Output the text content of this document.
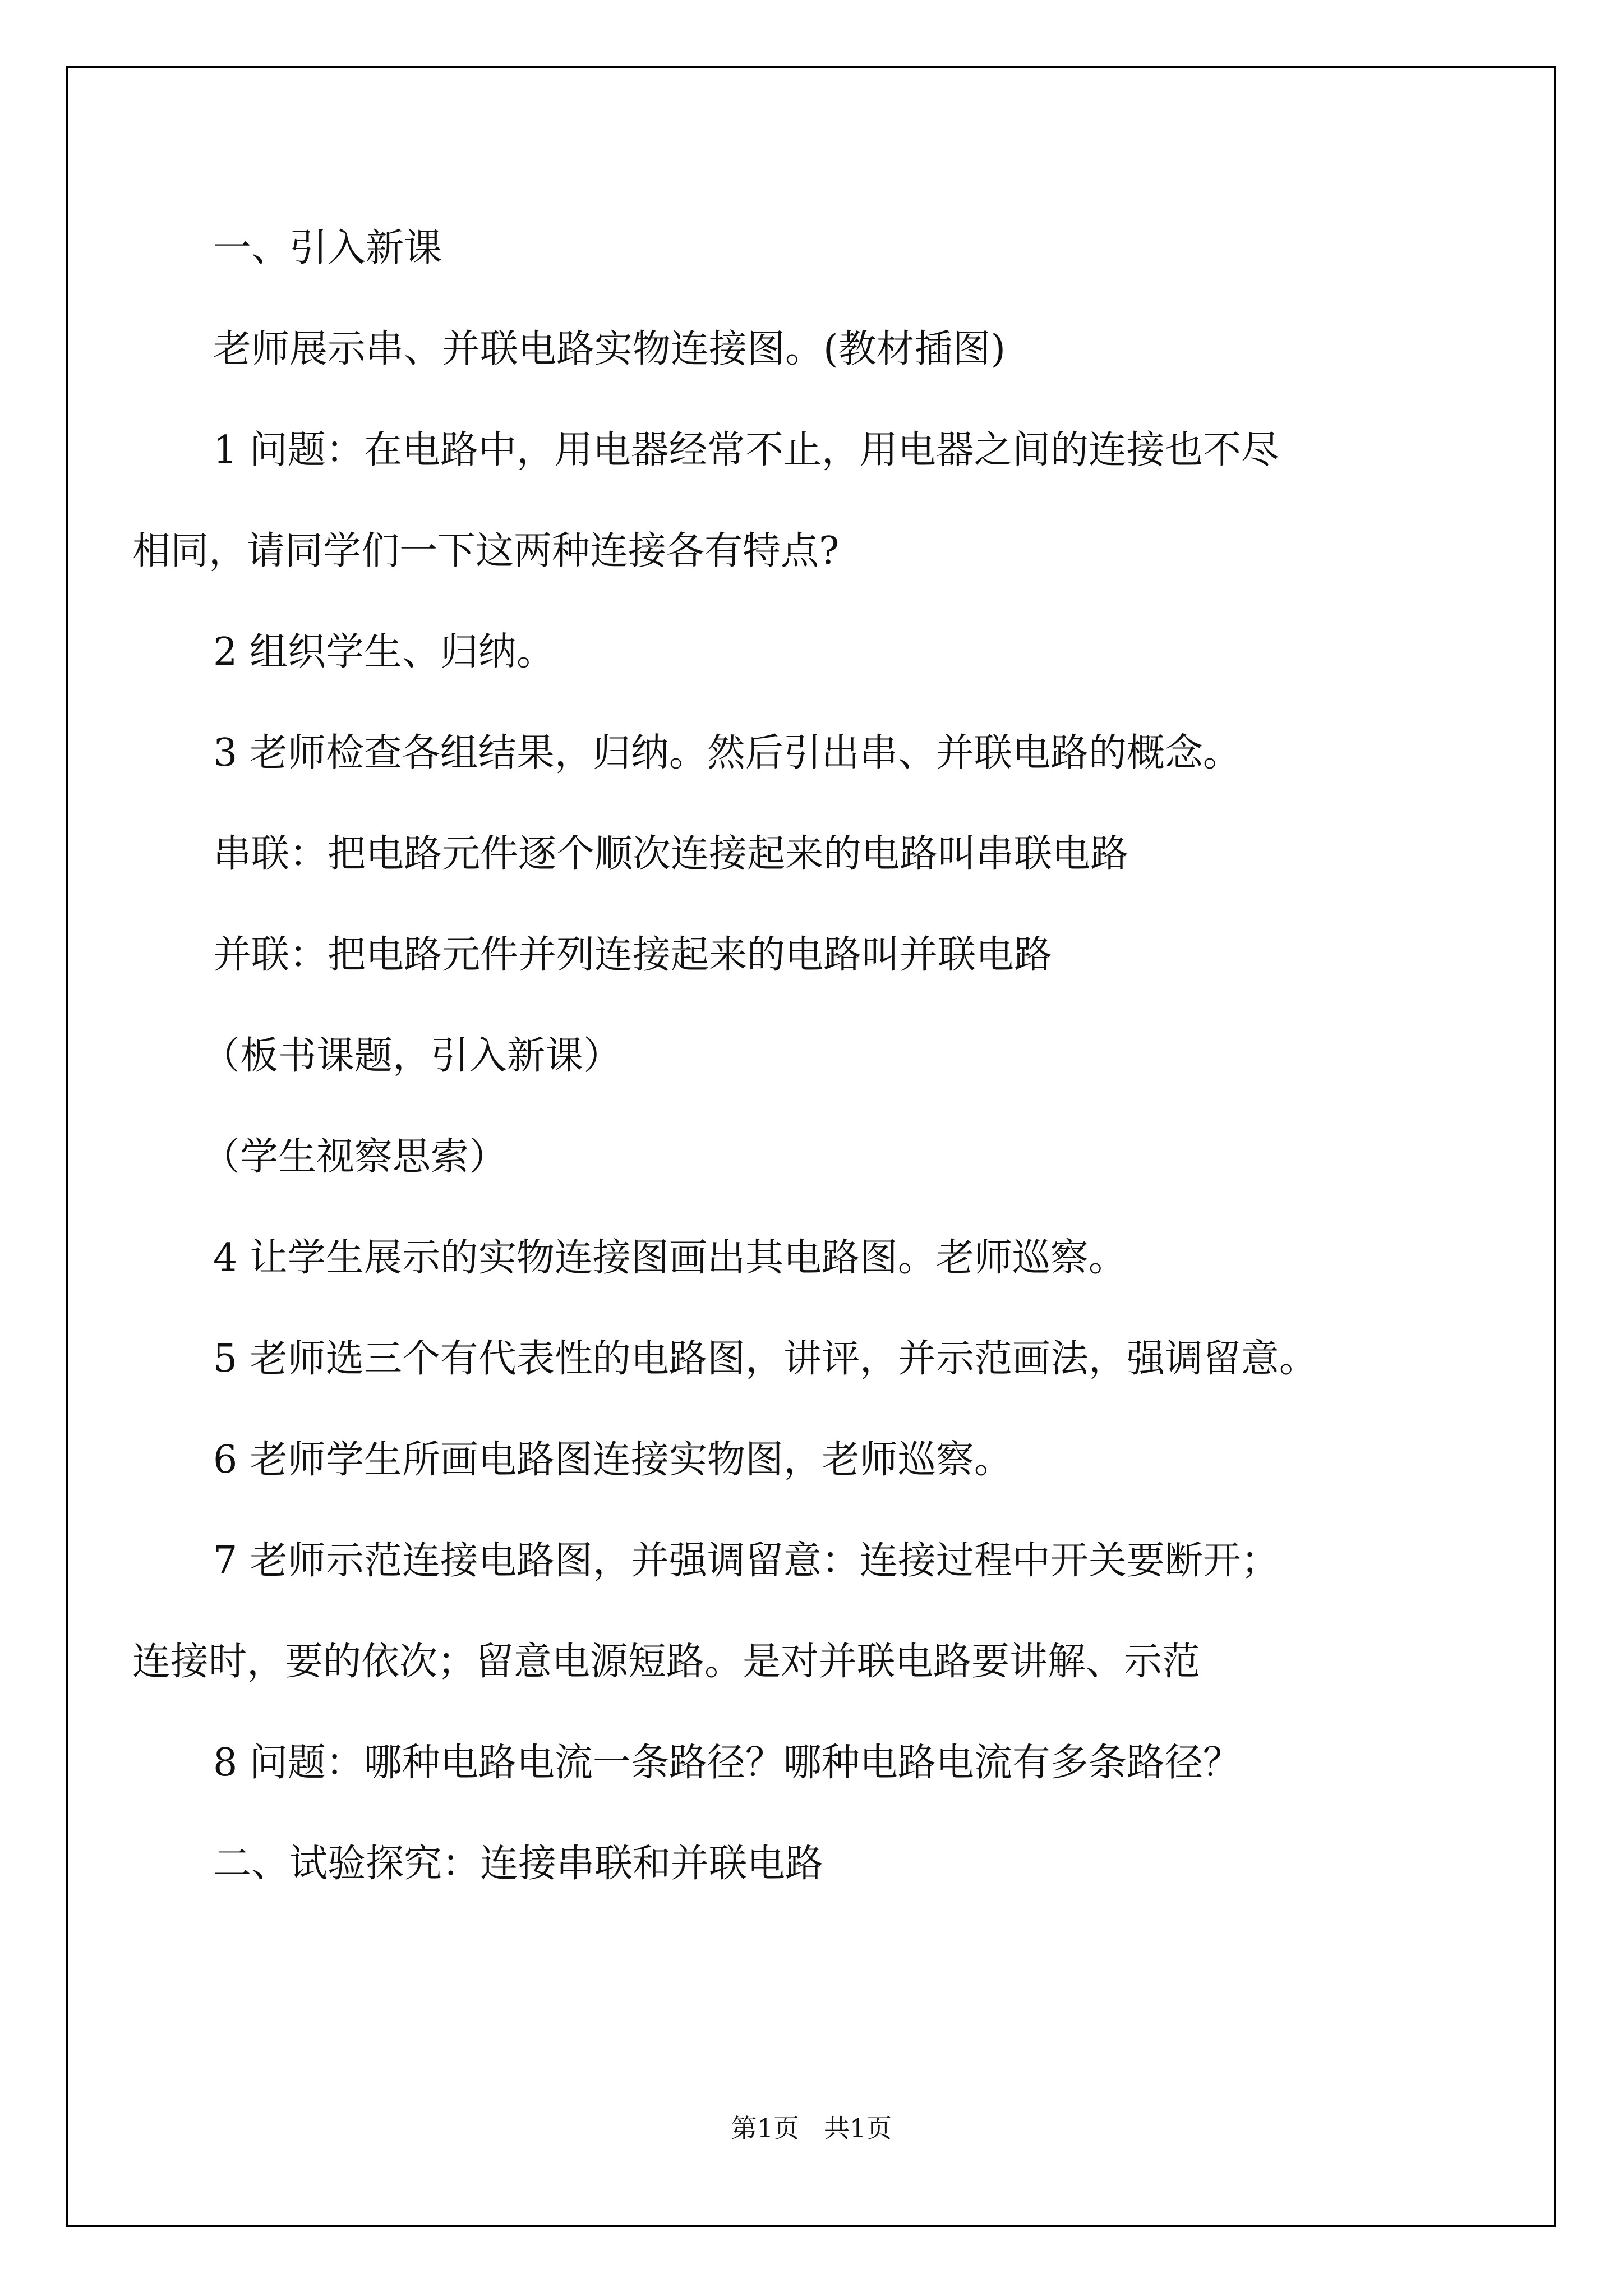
一、引入新课
老师展示串、并联电路实物连接图。(教材插图)
1 问题：在电路中，用电器经常不止，用电器之间的连接也不尽
相同，请同学们一下这两种连接各有特点?
2 组织学生、归纳。
3 老师检查各组结果，归纳。然后引出串、并联电路的概念。
串联：把电路元件逐个顺次连接起来的电路叫串联电路
并联：把电路元件并列连接起来的电路叫并联电路
（板书课题，引入新课）
（学生视察思索）
4 让学生展示的实物连接图画出其电路图。老师巡察。
5 老师选三个有代表性的电路图，讲评，并示范画法，强调留意。
6 老师学生所画电路图连接实物图，老师巡察。
7 老师示范连接电路图，并强调留意：连接过程中开关要断开；
连接时，要的依次；留意电源短路。是对并联电路要讲解、示范
8 问题：哪种电路电流一条路径？哪种电路电流有多条路径？
二、试验探究：连接串联和并联电路
第1页 共1页
